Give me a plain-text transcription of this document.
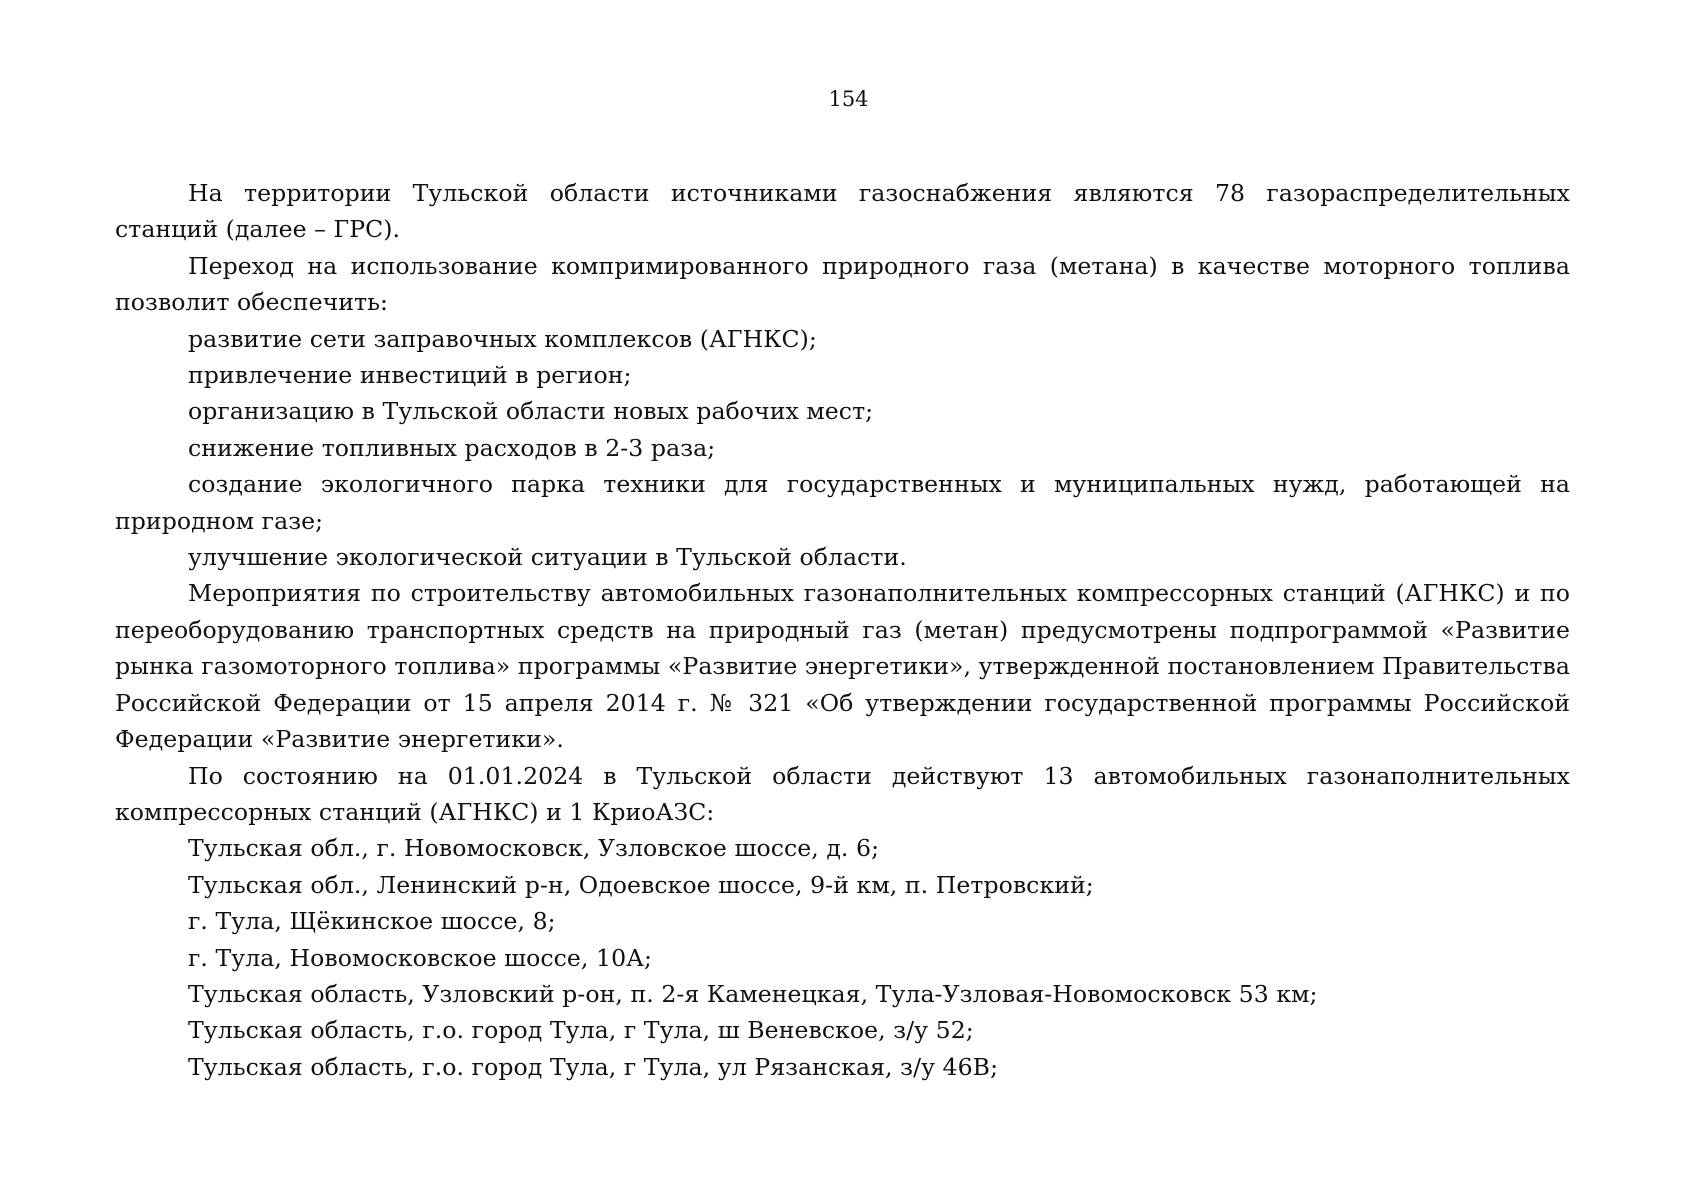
154

На территории Тульской области источниками газоснабжения являются 78 газораспределительных станций (далее – ГРС).

Переход на использование компримированного природного газа (метана) в качестве моторного топлива позволит обеспечить:

развитие сети заправочных комплексов (АГНКС);

привлечение инвестиций в регион;

организацию в Тульской области новых рабочих мест;

снижение топливных расходов в 2-3 раза;

создание экологичного парка техники для государственных и муниципальных нужд, работающей на природном газе;

улучшение экологической ситуации в Тульской области.

Мероприятия по строительству автомобильных газонаполнительных компрессорных станций (АГНКС) и по переоборудованию транспортных средств на природный газ (метан) предусмотрены подпрограммой «Развитие рынка газомоторного топлива» программы «Развитие энергетики», утвержденной постановлением Правительства Российской Федерации от 15 апреля 2014 г. № 321 «Об утверждении государственной программы Российской Федерации «Развитие энергетики».

По состоянию на 01.01.2024 в Тульской области действуют 13 автомобильных газонаполнительных компрессорных станций (АГНКС) и 1 КриоАЗС:

Тульская обл., г. Новомосковск, Узловское шоссе, д. 6;

Тульская обл., Ленинский р-н, Одоевское шоссе, 9-й км, п. Петровский;

г. Тула, Щёкинское шоссе, 8;

г. Тула, Новомосковское шоссе, 10А;

Тульская область, Узловский р-он, п. 2-я Каменецкая, Тула-Узловая-Новомосковск 53 км;

Тульская область, г.о. город Тула, г Тула, ш Веневское, з/у 52;

Тульская область, г.о. город Тула, г Тула, ул Рязанская, з/у 46В;
